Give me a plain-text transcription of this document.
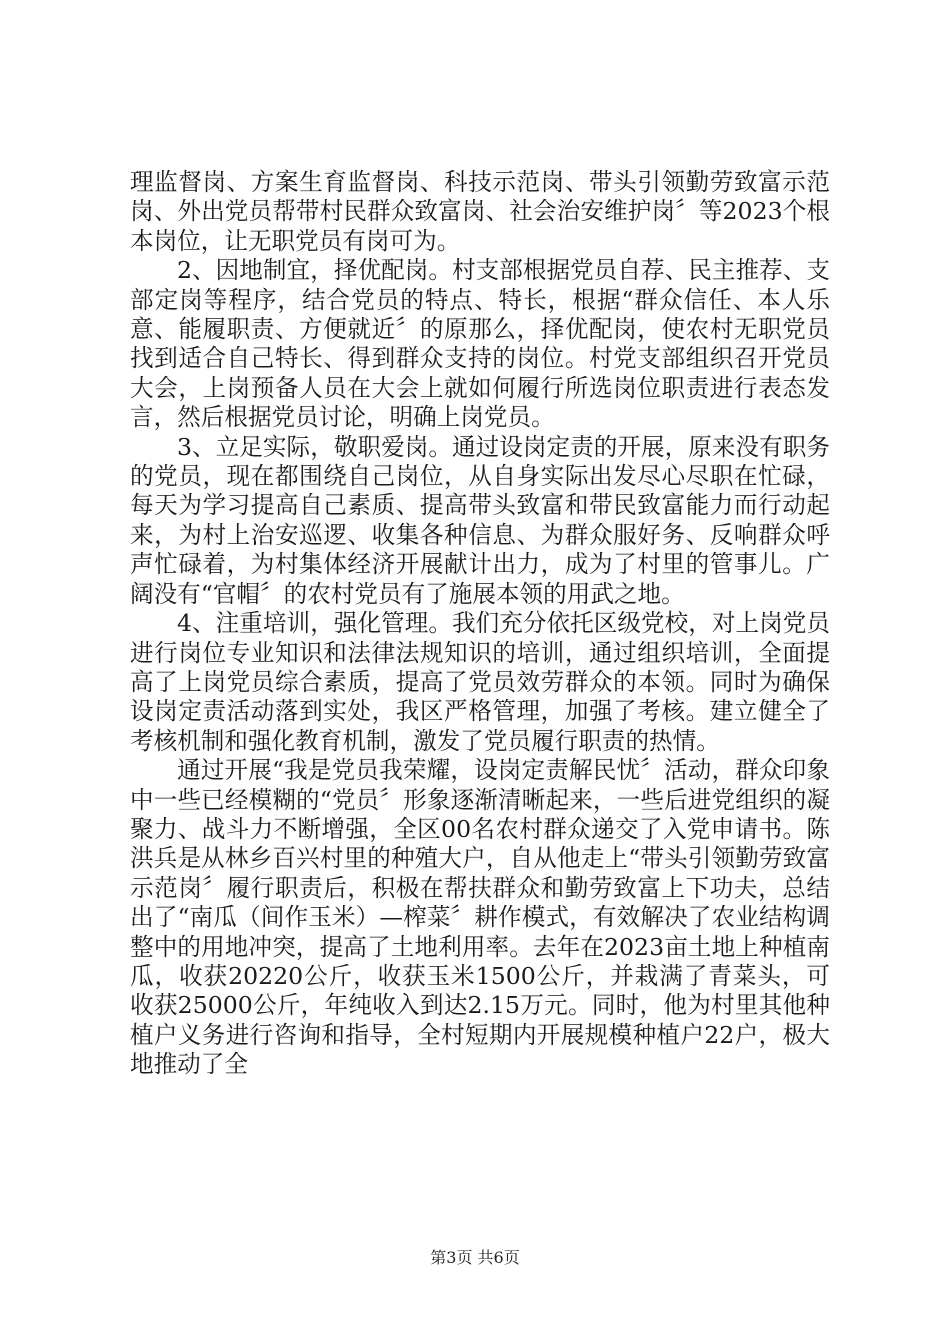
理监督岗、方案生育监督岗、科技示范岗、带头引领勤劳致富示范岗、外出党员帮带村民群众致富岗、社会治安维护岗〞等2023个根本岗位，让无职党员有岗可为。

2、因地制宜，择优配岗。村支部根据党员自荐、民主推荐、支部定岗等程序，结合党员的特点、特长，根据“群众信任、本人乐意、能履职责、方便就近〞的原那么，择优配岗，使农村无职党员找到适合自己特长、得到群众支持的岗位。村党支部组织召开党员大会，上岗预备人员在大会上就如何履行所选岗位职责进行表态发言，然后根据党员讨论，明确上岗党员。

3、立足实际，敬职爱岗。通过设岗定责的开展，原来没有职务的党员，现在都围绕自己岗位，从自身实际出发尽心尽职在忙碌，每天为学习提高自己素质、提高带头致富和带民致富能力而行动起来，为村上治安巡逻、收集各种信息、为群众服好务、反响群众呼声忙碌着，为村集体经济开展献计出力，成为了村里的管事儿。广阔没有“官帽〞的农村党员有了施展本领的用武之地。

4、注重培训，强化管理。我们充分依托区级党校，对上岗党员进行岗位专业知识和法律法规知识的培训，通过组织培训，全面提高了上岗党员综合素质，提高了党员效劳群众的本领。同时为确保设岗定责活动落到实处，我区严格管理，加强了考核。建立健全了考核机制和强化教育机制，激发了党员履行职责的热情。

通过开展“我是党员我荣耀，设岗定责解民忧〞活动，群众印象中一些已经模糊的“党员〞形象逐渐清晰起来，一些后进党组织的凝聚力、战斗力不断增强，全区00名农村群众递交了入党申请书。陈洪兵是从林乡百兴村里的种殖大户，自从他走上“带头引领勤劳致富示范岗〞履行职责后，积极在帮扶群众和勤劳致富上下功夫，总结出了“南瓜（间作玉米）—榨菜〞耕作模式，有效解决了农业结构调整中的用地冲突，提高了土地利用率。去年在2023亩土地上种植南瓜，收获20220公斤，收获玉米1500公斤，并栽满了青菜头，可收获25000公斤，年纯收入到达2.15万元。同时，他为村里其他种植户义务进行咨询和指导，全村短期内开展规模种植户22户，极大地推动了全

第3页 共6页
